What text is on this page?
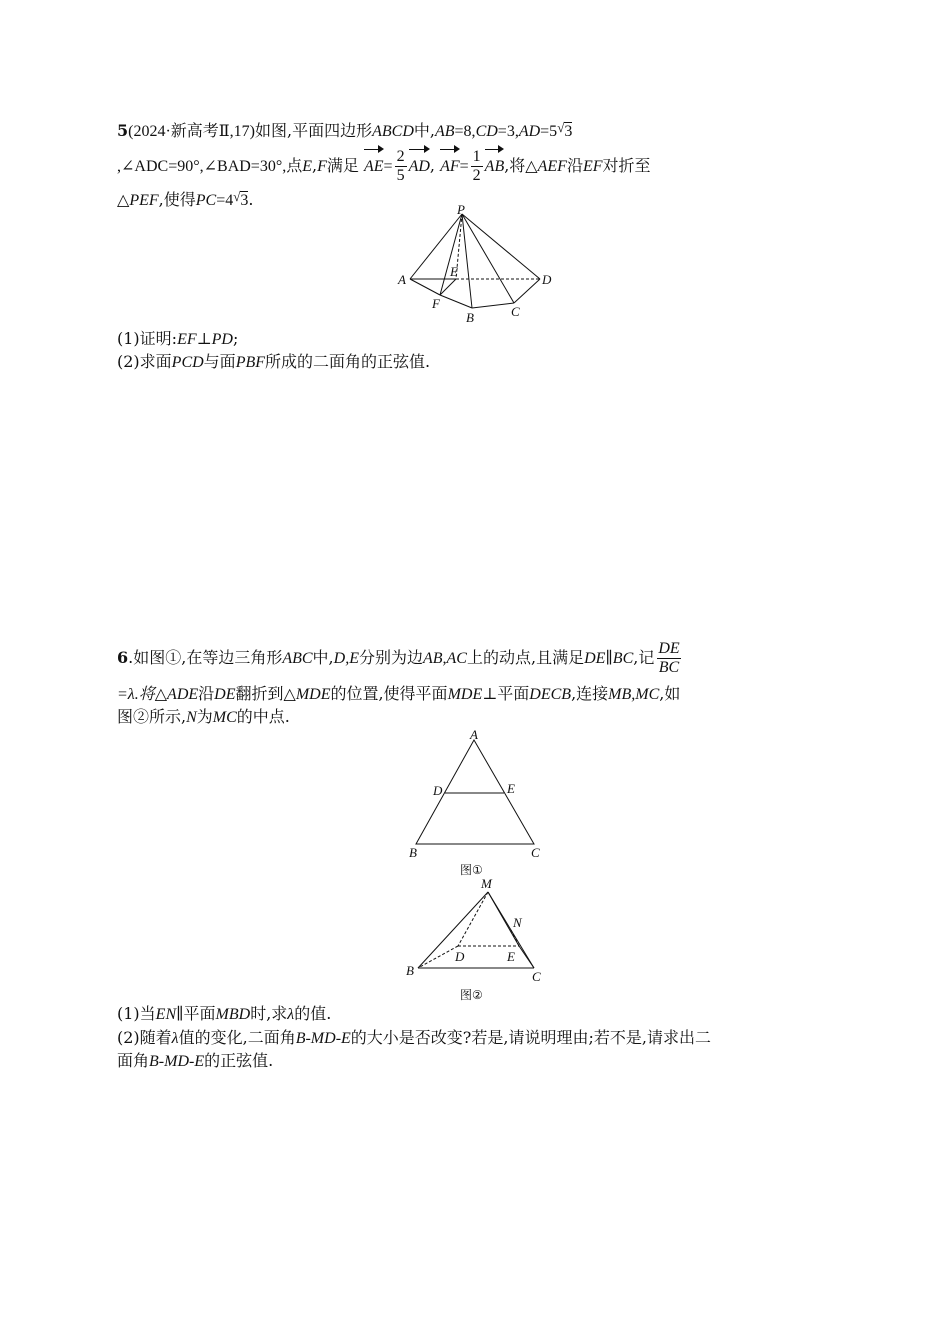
5(2024·新高考Ⅱ,17)如图,平面四边形ABCD中,AB=8,CD=3,AD=5√3
,∠ADC=90°,∠BAD=30°,点E,F满足 $AE= \frac{2}{5}$ AD, $AF= \frac{1}{2}$ AB,将△AEF沿EF对折至
△PEF,使得PC=4√3.
P
A
E
D
F
B	C
(1)证明:EF⊥PD;
(2)求面PCD与面PBF所成的二面角的正弦值.
6.如图①,在等边三角形ABC中,D,E分别为边AB,AC上的动点,且满足DE∥BC,记 $\frac{DE}{BC}$
=λ.将△ADE沿DE翻折到△MDE的位置,使得平面MDE⊥平面DECB,连接MB,MC,如
图②所示,N为MC的中点.
A
D	E
B	C
图①
M
N
D	E
B	C
图②
(1)当EN∥平面MBD时,求λ的值.
(2)随着λ值的变化,二面角B-MD-E的大小是否改变?若是,请说明理由;若不是,请求出二
面角B-MD-E的正弦值.
